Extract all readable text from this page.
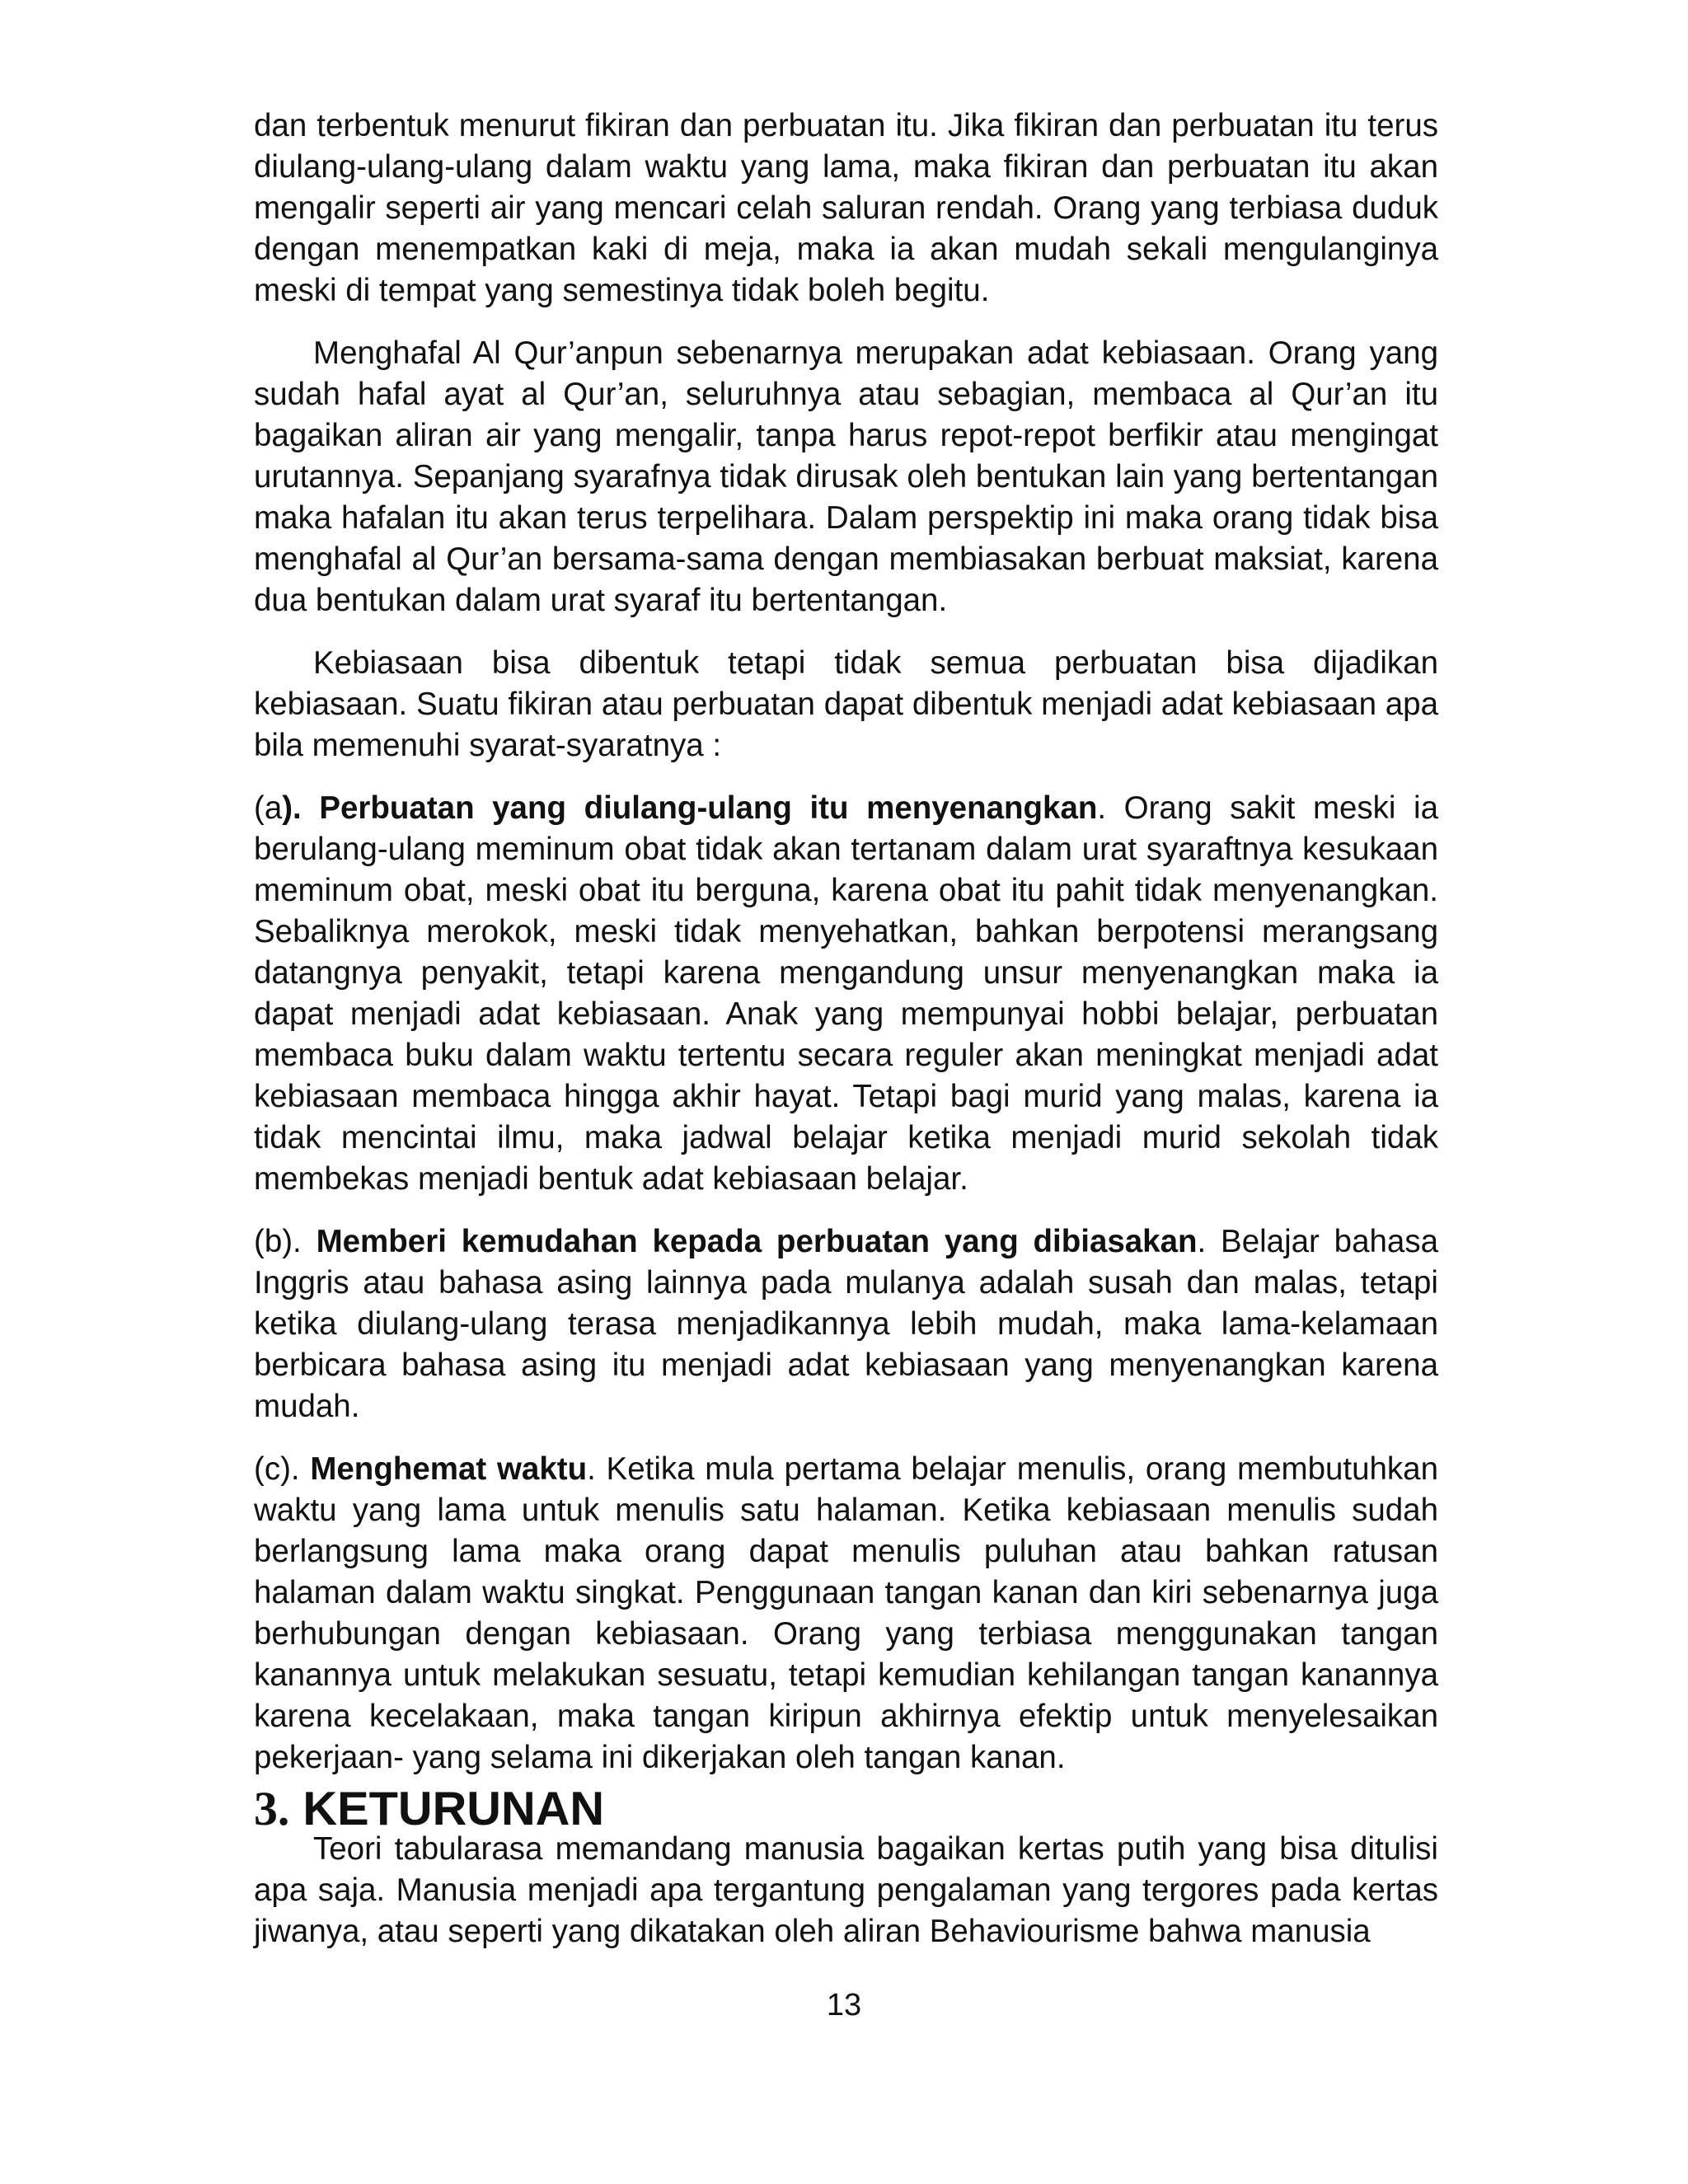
dan terbentuk menurut fikiran dan perbuatan itu. Jika fikiran dan perbuatan itu terus diulang-ulang-ulang dalam waktu yang lama, maka fikiran dan perbuatan itu akan mengalir seperti air yang mencari celah saluran rendah. Orang yang terbiasa duduk dengan menempatkan kaki di meja, maka ia akan mudah sekali mengulanginya meski di tempat yang semestinya tidak boleh begitu.

Menghafal Al Qur’anpun sebenarnya merupakan adat kebiasaan. Orang yang sudah hafal ayat al Qur’an, seluruhnya atau sebagian, membaca al Qur’an itu bagaikan aliran air yang mengalir, tanpa harus repot-repot berfikir atau mengingat urutannya. Sepanjang syarafnya tidak dirusak oleh bentukan lain yang bertentangan maka hafalan itu akan terus terpelihara. Dalam perspektip ini maka orang tidak bisa menghafal al Qur’an bersama-sama dengan membiasakan berbuat maksiat, karena dua bentukan dalam urat syaraf itu bertentangan.

Kebiasaan bisa dibentuk tetapi tidak semua perbuatan bisa dijadikan kebiasaan. Suatu fikiran atau perbuatan dapat dibentuk menjadi adat kebiasaan apa bila memenuhi syarat-syaratnya :

(a). Perbuatan yang diulang-ulang itu menyenangkan. Orang sakit meski ia berulang-ulang meminum obat tidak akan tertanam dalam urat syaraftnya kesukaan meminum obat, meski obat itu berguna, karena obat itu pahit tidak menyenangkan. Sebaliknya merokok, meski tidak menyehatkan, bahkan berpotensi merangsang datangnya penyakit, tetapi karena mengandung unsur menyenangkan maka ia dapat menjadi adat kebiasaan. Anak yang mempunyai hobbi belajar, perbuatan membaca buku dalam waktu tertentu secara reguler akan meningkat menjadi adat kebiasaan membaca hingga akhir hayat. Tetapi bagi murid yang malas, karena ia tidak mencintai ilmu, maka jadwal belajar ketika menjadi murid sekolah tidak membekas menjadi bentuk adat kebiasaan belajar.

(b). Memberi kemudahan kepada perbuatan yang dibiasakan. Belajar bahasa Inggris atau bahasa asing lainnya pada mulanya adalah susah dan malas, tetapi ketika diulang-ulang terasa menjadikannya lebih mudah, maka lama-kelamaan berbicara bahasa asing itu menjadi adat kebiasaan yang menyenangkan karena mudah.

(c). Menghemat waktu. Ketika mula pertama belajar menulis, orang membutuhkan waktu yang lama untuk menulis satu halaman. Ketika kebiasaan menulis sudah berlangsung lama maka orang dapat menulis puluhan atau bahkan ratusan halaman dalam waktu singkat. Penggunaan tangan kanan dan kiri sebenarnya juga berhubungan dengan kebiasaan. Orang yang terbiasa menggunakan tangan kanannya untuk melakukan sesuatu, tetapi kemudian kehilangan tangan kanannya karena kecelakaan, maka tangan kiripun akhirnya efektip untuk menyelesaikan pekerjaan- yang selama ini dikerjakan oleh tangan kanan.

3. KETURUNAN

Teori tabularasa memandang manusia bagaikan kertas putih yang bisa ditulisi apa saja. Manusia menjadi apa tergantung pengalaman yang tergores pada kertas jiwanya, atau seperti yang dikatakan oleh aliran Behaviourisme bahwa manusia

13
